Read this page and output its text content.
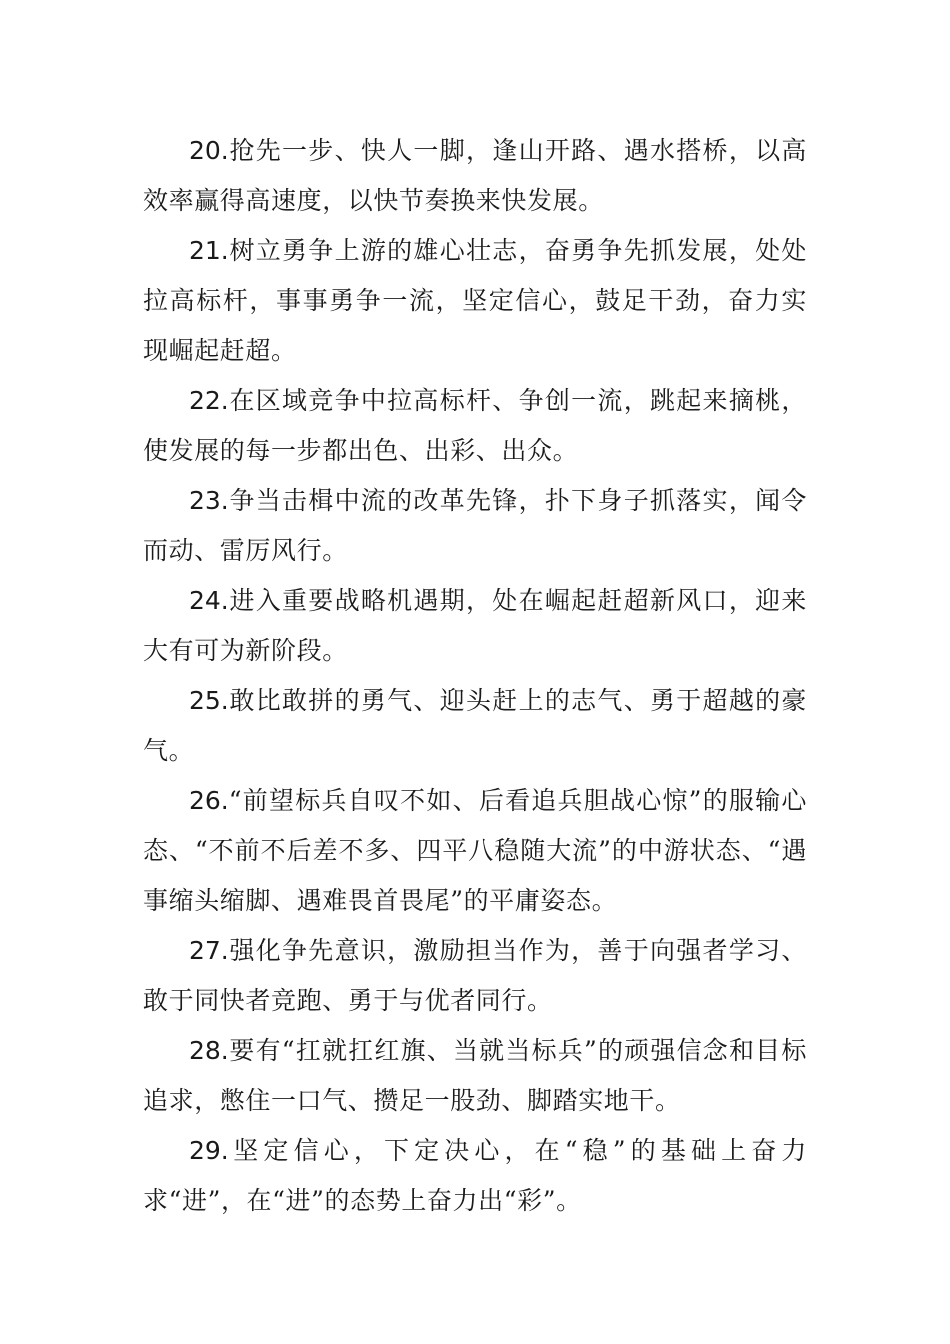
20.抢先一步、快人一脚，逢山开路、遇水搭桥，以高效率赢得高速度，以快节奏换来快发展。

21.树立勇争上游的雄心壮志，奋勇争先抓发展，处处拉高标杆，事事勇争一流，坚定信心，鼓足干劲，奋力实现崛起赶超。

22.在区域竞争中拉高标杆、争创一流，跳起来摘桃，使发展的每一步都出色、出彩、出众。

23.争当击楫中流的改革先锋，扑下身子抓落实，闻令而动、雷厉风行。

24.进入重要战略机遇期，处在崛起赶超新风口，迎来大有可为新阶段。

25.敢比敢拼的勇气、迎头赶上的志气、勇于超越的豪气。

26.“前望标兵自叹不如、后看追兵胆战心惊”的服输心态、“不前不后差不多、四平八稳随大流”的中游状态、“遇事缩头缩脚、遇难畏首畏尾”的平庸姿态。

27.强化争先意识，激励担当作为，善于向强者学习、敢于同快者竞跑、勇于与优者同行。

28.要有“扛就扛红旗、当就当标兵”的顽强信念和目标追求，憋住一口气、攒足一股劲、脚踏实地干。

29.坚定信心，下定决心，在“稳”的基础上奋力求“进”，在“进”的态势上奋力出“彩”。
